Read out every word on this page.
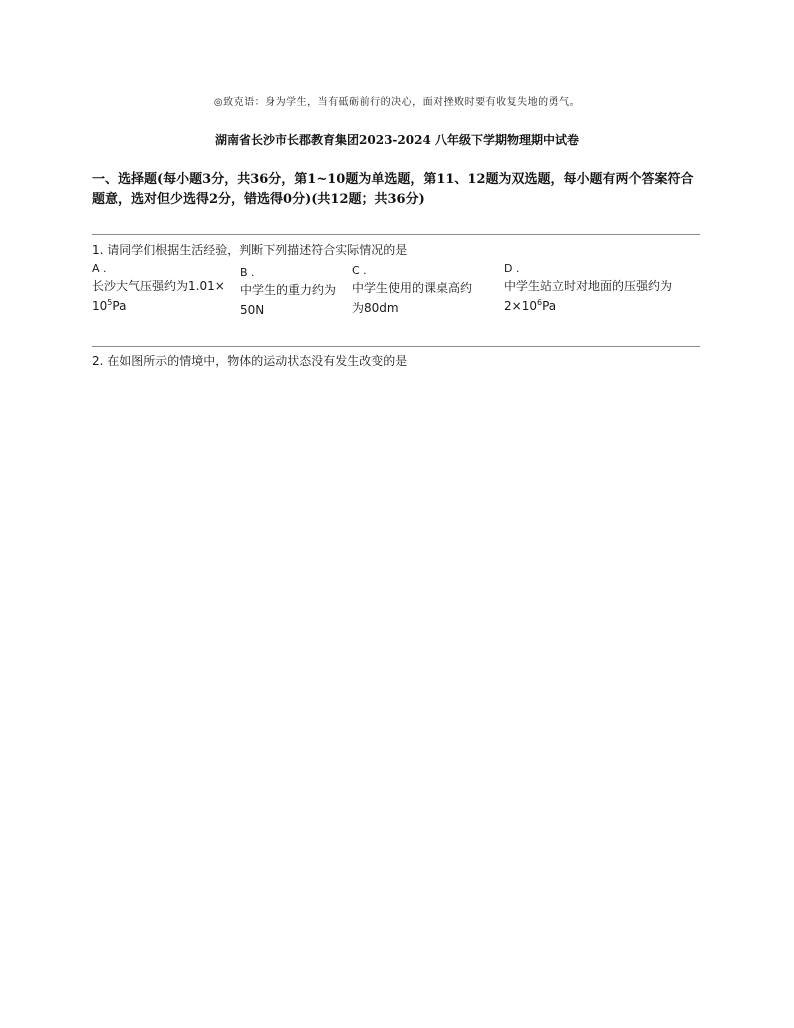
◎致克语：身为学生，当有砥砺前行的决心，面对挫败时要有收复失地的勇气。
湖南省长沙市长郡教育集团2023-2024 八年级下学期物理期中试卷
一、选择题(每小题3分，共36分，第1~10题为单选题，第11、12题为双选题，每小题有两个答案符合题意，选对但少选得2分，错选得0分)(共12题；共36分)
1. 请同学们根据生活经验，判断下列描述符合实际情况的是
A .
长沙大气压强约为1.01×
$10^5Pa$
B .
中学生的重力约为
50N
C .
中学生使用的课桌高约
为80dm
D .
中学生站立时对地面的压强约为
$2\times 10^6Pa$
2. 在如图所示的情境中，物体的运动状态没有发生改变的是
